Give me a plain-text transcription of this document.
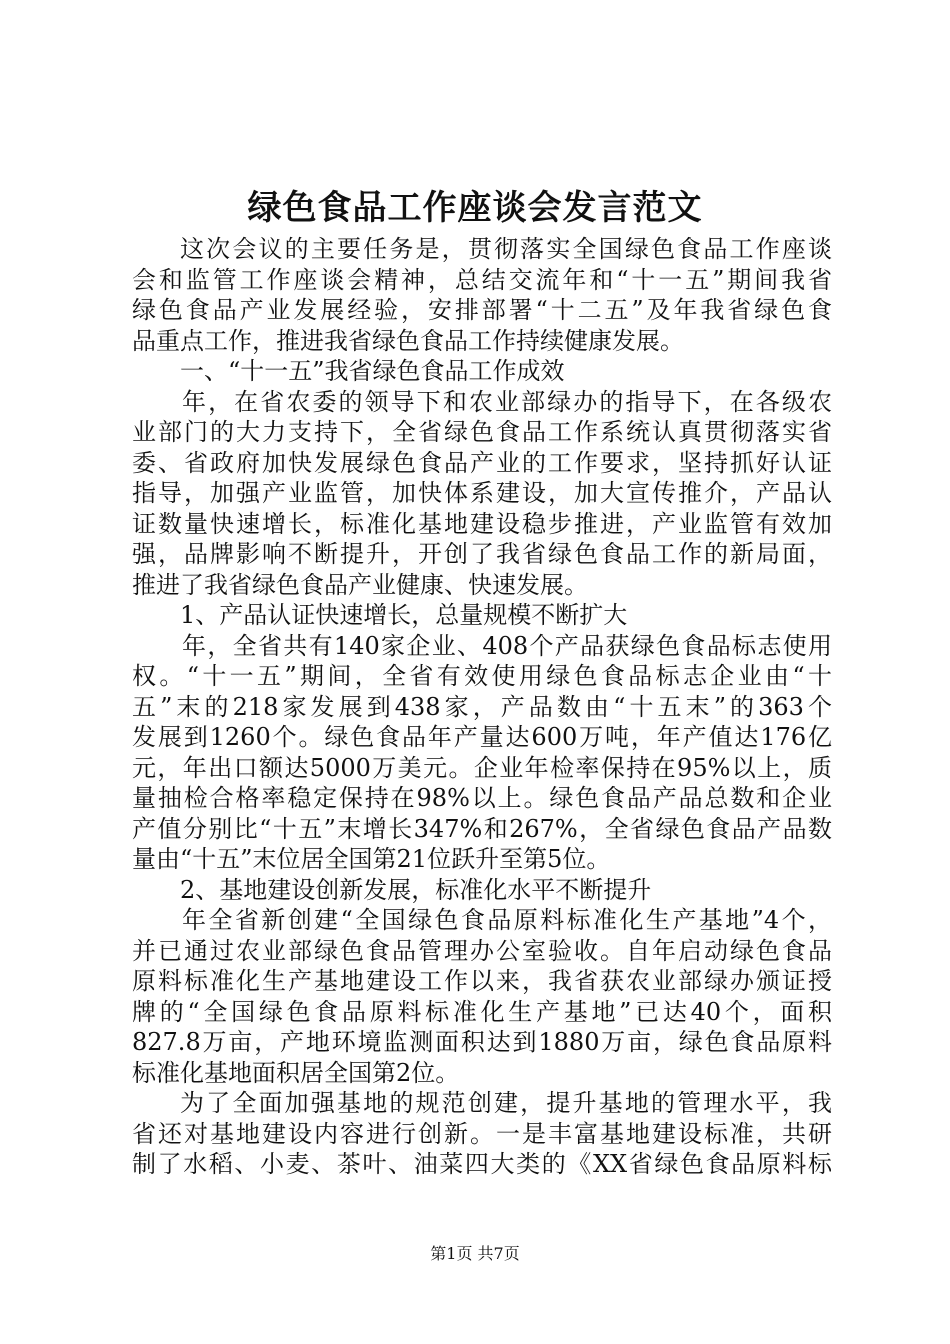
绿色食品工作座谈会发言范文
这次会议的主要任务是，贯彻落实全国绿色食品工作座谈
会和监管工作座谈会精神，总结交流年和“十一五”期间我省
绿色食品产业发展经验，安排部署“十二五”及年我省绿色食
品重点工作，推进我省绿色食品工作持续健康发展。
一、“十一五”我省绿色食品工作成效
年，在省农委的领导下和农业部绿办的指导下，在各级农
业部门的大力支持下，全省绿色食品工作系统认真贯彻落实省
委、省政府加快发展绿色食品产业的工作要求，坚持抓好认证
指导，加强产业监管，加快体系建设，加大宣传推介，产品认
证数量快速增长，标准化基地建设稳步推进，产业监管有效加
强，品牌影响不断提升，开创了我省绿色食品工作的新局面，
推进了我省绿色食品产业健康、快速发展。
1、产品认证快速增长，总量规模不断扩大
年，全省共有140家企业、408个产品获绿色食品标志使用
权。“十一五”期间，全省有效使用绿色食品标志企业由“十
五”末的218家发展到438家，产品数由“十五末”的363个
发展到1260个。绿色食品年产量达600万吨，年产值达176亿
元，年出口额达5000万美元。企业年检率保持在95%以上，质
量抽检合格率稳定保持在98%以上。绿色食品产品总数和企业
产值分别比“十五”末增长347%和267%，全省绿色食品产品数
量由“十五”末位居全国第21位跃升至第5位。
2、基地建设创新发展，标准化水平不断提升
年全省新创建“全国绿色食品原料标准化生产基地”4个，
并已通过农业部绿色食品管理办公室验收。自年启动绿色食品
原料标准化生产基地建设工作以来，我省获农业部绿办颁证授
牌的“全国绿色食品原料标准化生产基地”已达40个，面积
827.8万亩，产地环境监测面积达到1880万亩，绿色食品原料
标准化基地面积居全国第2位。
为了全面加强基地的规范创建，提升基地的管理水平，我
省还对基地建设内容进行创新。一是丰富基地建设标准，共研
制了水稻、小麦、茶叶、油菜四大类的《XX省绿色食品原料标
第1页 共7页
